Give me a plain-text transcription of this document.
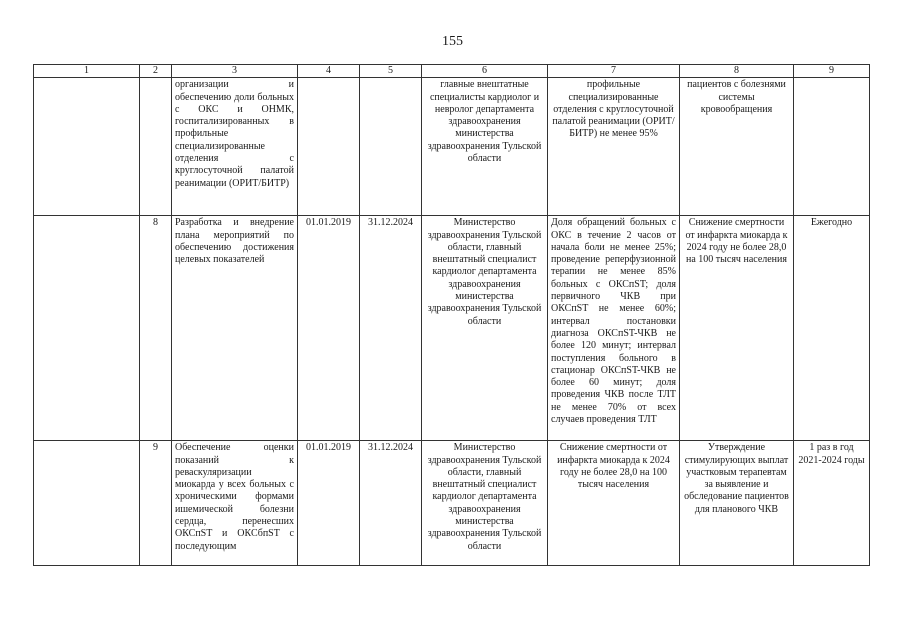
155
1	2	3	4	5	6	7	8	9
		организации и обеспечению доли больных с ОКС и ОНМК, госпитализированных в профильные специализированные отделения с круглосуточной палатой реанимации (ОРИТ/БИТР)			главные внештатные специалисты кардиолог и невролог департамента здравоохранения министерства здравоохранения Тульской области	профильные специализированные отделения с круглосуточной палатой реанимации (ОРИТ/БИТР) не менее 95%	пациентов с болезнями системы кровообращения	
	8	Разработка и внедрение плана мероприятий по обеспечению достижения целевых показателей	01.01.2019	31.12.2024	Министерство здравоохранения Тульской области, главный внештатный специалист кардиолог департамента здравоохранения министерства здравоохранения Тульской области	Доля обращений больных с ОКС в течение 2 часов от начала боли не менее 25%; проведение реперфузионной терапии не менее 85% больных с ОКСпST; доля первичного ЧКВ при ОКСпST не менее 60%; интервал постановки диагноза ОКСпST-ЧКВ не более 120 минут; интервал поступления больного в стационар ОКСпST-ЧКВ не более 60 минут; доля проведения ЧКВ после ТЛТ не менее 70% от всех случаев проведения ТЛТ	Снижение смертности от инфаркта миокарда к 2024 году не более 28,0 на 100 тысяч населения	Ежегодно
	9	Обеспечение оценки показаний к реваскуляризации миокарда у всех больных с хроническими формами ишемической болезни сердца, перенесших ОКСпST и ОКСбпST с последующим	01.01.2019	31.12.2024	Министерство здравоохранения Тульской области, главный внештатный специалист кардиолог департамента здравоохранения министерства здравоохранения Тульской области	Снижение смертности от инфаркта миокарда к 2024 году не более 28,0 на 100 тысяч населения	Утверждение стимулирующих выплат участковым терапевтам за выявление и обследование пациентов для планового ЧКВ	1 раз в год 2021-2024 годы
